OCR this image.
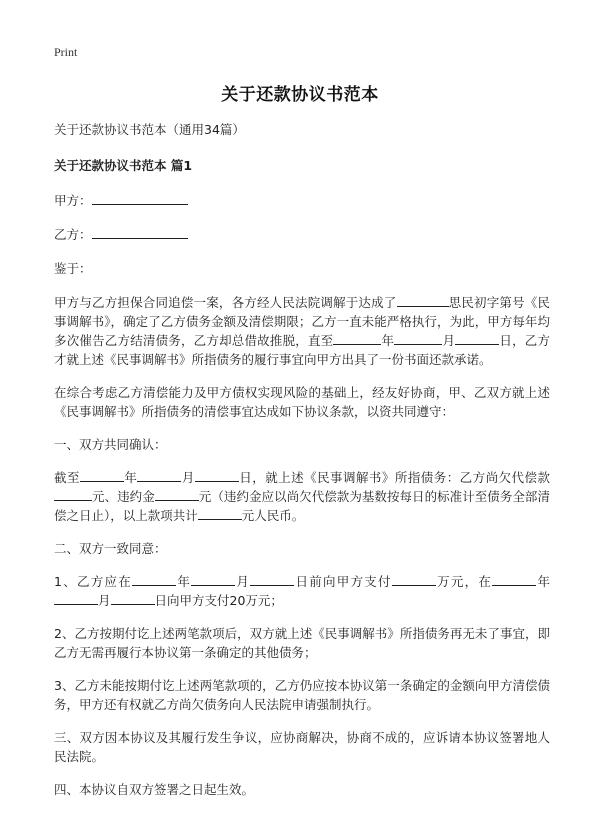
Print
关于还款协议书范本

关于还款协议书范本（通用34篇）

关于还款协议书范本 篇1

甲方：

乙方：

鉴于：

甲方与乙方担保合同追偿一案，各方经人民法院调解于达成了	思民初字第号《民事调解书》，确定了乙方债务金额及清偿期限；乙方一直未能严格执行，为此，甲方每年均多次催告乙方结清债务，乙方却总借故推脱，直至	年	月	日，乙方才就上述《民事调解书》所指债务的履行事宜向甲方出具了一份书面还款承诺。

在综合考虑乙方清偿能力及甲方债权实现风险的基础上，经友好协商，甲、乙双方就上述《民事调解书》所指债务的清偿事宜达成如下协议条款，以资共同遵守：

一、双方共同确认：

截至	年	月	日，就上述《民事调解书》所指债务：乙方尚欠代偿款元、违约金	元（违约金应以尚欠代偿款为基数按每日的标准计至债务全部清偿之日止），以上款项共计	元人民币。

二、双方一致同意：

1、乙方应在	年	月	日前向甲方支付	万元，在	年月	日向甲方支付20万元；

2、乙方按期付讫上述两笔款项后，双方就上述《民事调解书》所指债务再无未了事宜，即乙方无需再履行本协议第一条确定的其他债务；

3、乙方未能按期付讫上述两笔款项的，乙方仍应按本协议第一条确定的金额向甲方清偿债务，甲方还有权就乙方尚欠债务向人民法院申请强制执行。

三、双方因本协议及其履行发生争议，应协商解决，协商不成的，应诉请本协议签署地人民法院。

四、本协议自双方签署之日起生效。
